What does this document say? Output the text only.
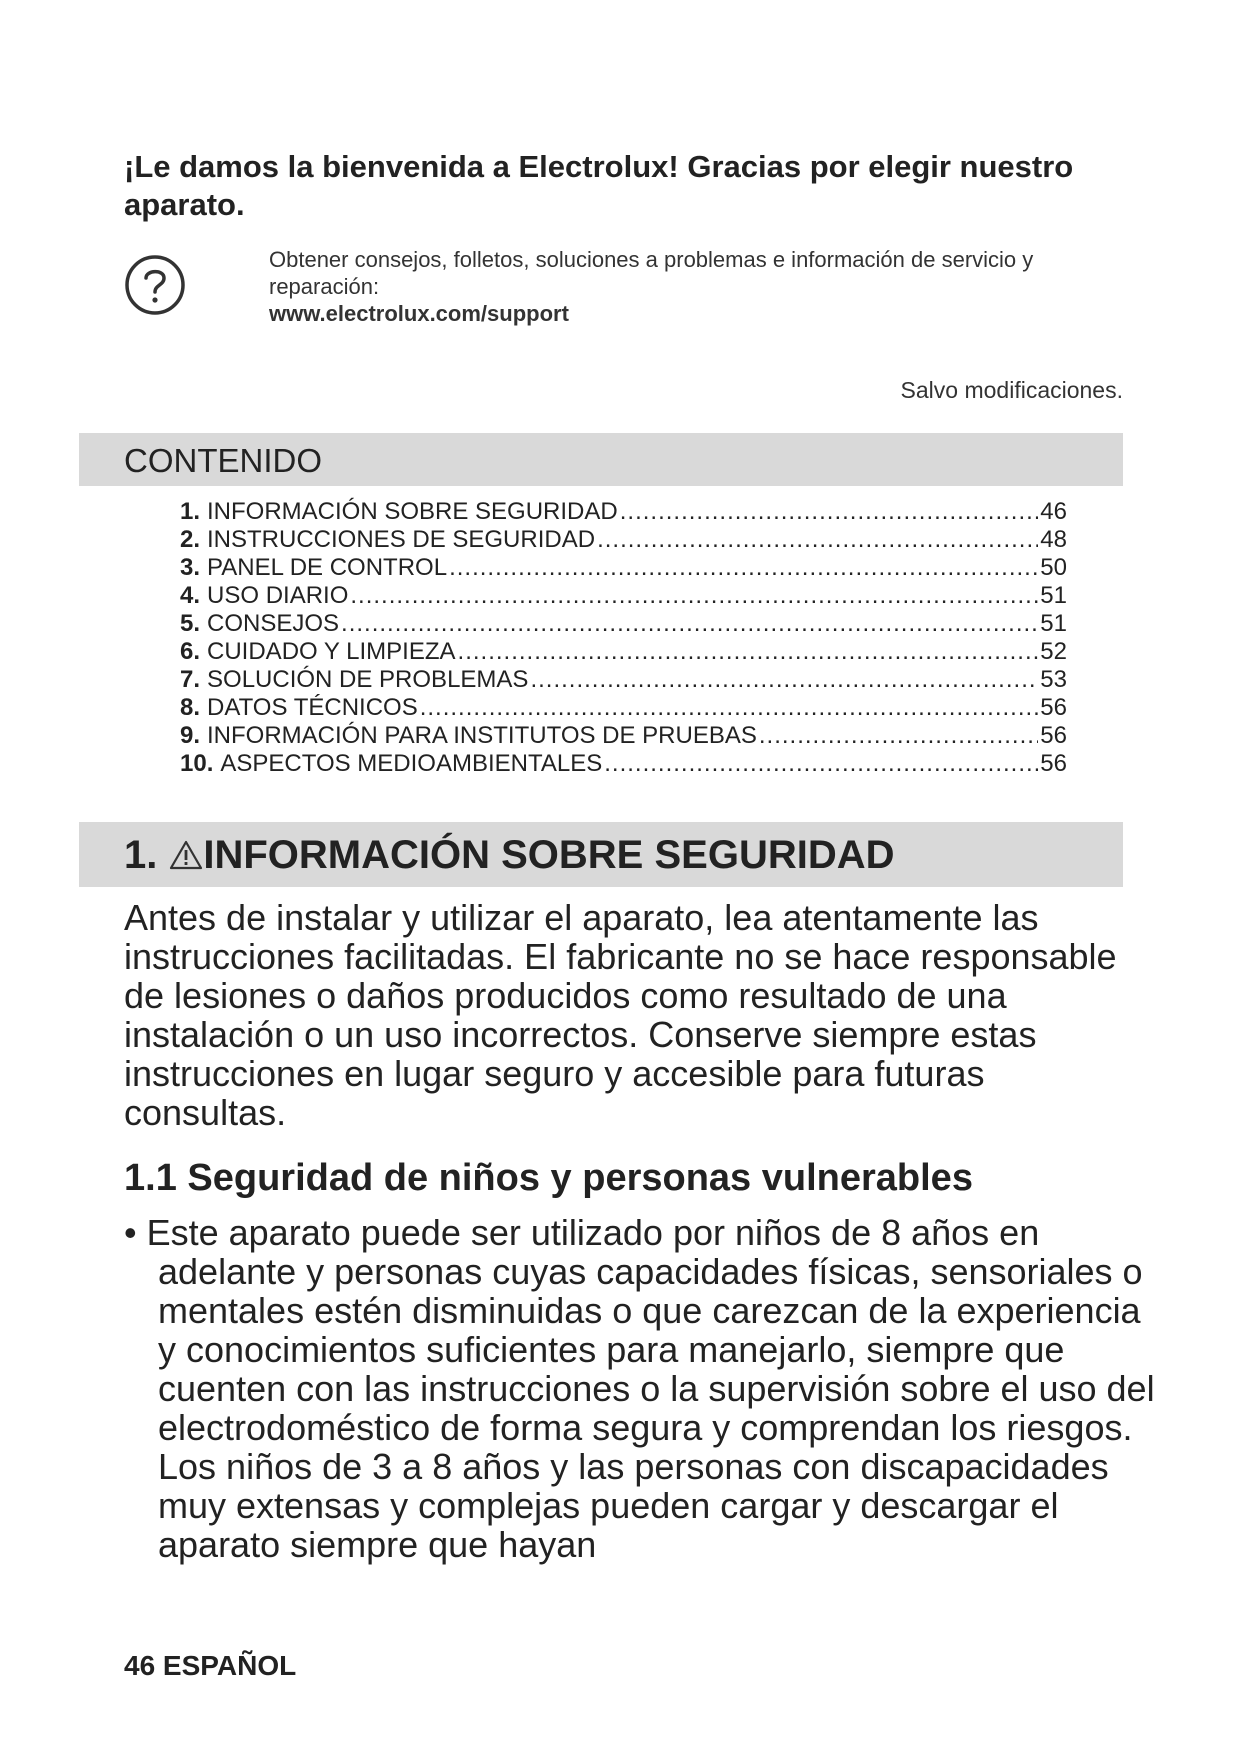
¡Le damos la bienvenida a Electrolux! Gracias por elegir nuestro aparato.
Obtener consejos, folletos, soluciones a problemas e información de servicio y reparación:
www.electrolux.com/support
Salvo modificaciones.
CONTENIDO
1. INFORMACIÓN SOBRE SEGURIDAD .....	46
2. INSTRUCCIONES DE SEGURIDAD .....	48
3. PANEL DE CONTROL .....	50
4. USO DIARIO .....	51
5. CONSEJOS .....	51
6. CUIDADO Y LIMPIEZA .....	52
7. SOLUCIÓN DE PROBLEMAS .....	53
8. DATOS TÉCNICOS .....	56
9. INFORMACIÓN PARA INSTITUTOS DE PRUEBAS .....	56
10. ASPECTOS MEDIOAMBIENTALES .....	56
1. INFORMACIÓN SOBRE SEGURIDAD

Antes de instalar y utilizar el aparato, lea atentamente las instrucciones facilitadas. El fabricante no se hace responsable de lesiones o daños producidos como resultado de una instalación o un uso incorrectos. Conserve siempre estas instrucciones en lugar seguro y accesible para futuras consultas.

1.1 Seguridad de niños y personas vulnerables

• Este aparato puede ser utilizado por niños de 8 años en adelante y personas cuyas capacidades físicas, sensoriales o mentales estén disminuidas o que carezcan de la experiencia y conocimientos suficientes para manejarlo, siempre que cuenten con las instrucciones o la supervisión sobre el uso del electrodoméstico de forma segura y comprendan los riesgos. Los niños de 3 a 8 años y las personas con discapacidades muy extensas y complejas pueden cargar y descargar el aparato siempre que hayan

46 ESPAÑOL
